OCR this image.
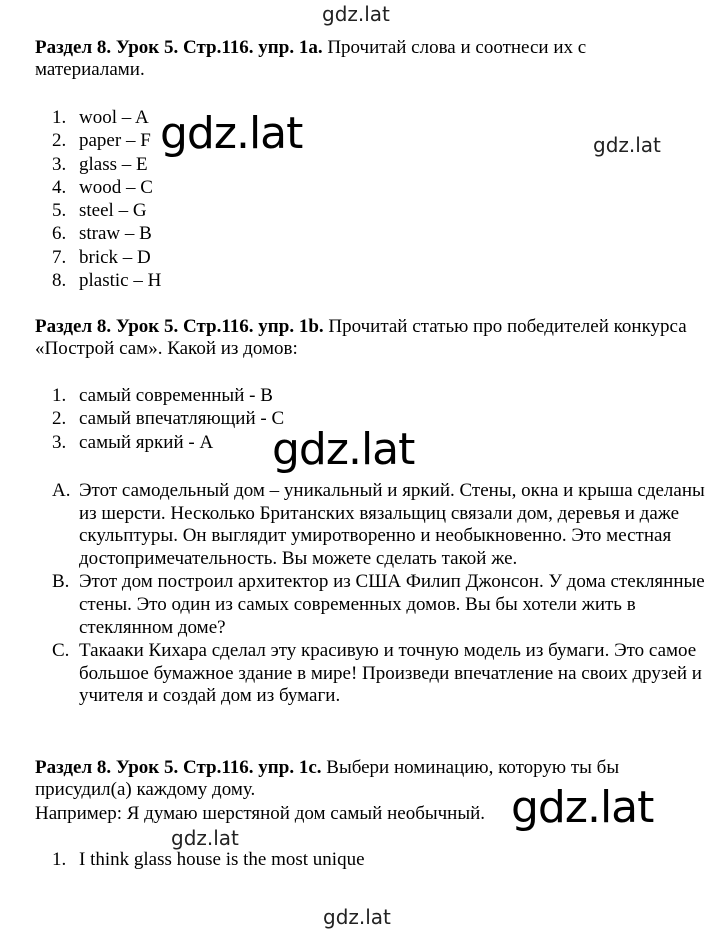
gdz.lat
gdz.lat	gdz.lat
gdz.lat
gdz.lat
gdz.lat
gdz.lat
Раздел 8. Урок 5. Стр.116. упр. 1а. Прочитай слова и соотнеси их с материалами.
1. wool – A
2. paper – F
3. glass – E
4. wood – C
5. steel – G
6. straw – B
7. brick – D
8. plastic – H
Раздел 8. Урок 5. Стр.116. упр. 1b. Прочитай статью про победителей конкурса «Построй сам». Какой из домов:
1. самый современный - В
2. самый впечатляющий - С
3. самый яркий - А
A. Этот самодельный дом – уникальный и яркий. Стены, окна и крыша сделаны из шерсти. Несколько Британских вязальщиц связали дом, деревья и даже скульптуры. Он выглядит умиротворенно и необыкновенно. Это местная достопримечательность. Вы можете сделать такой же.
B. Этот дом построил архитектор из США Филип Джонсон. У дома стеклянные стены. Это один из самых современных домов. Вы бы хотели жить в стеклянном доме?
C. Такааки Кихара сделал эту красивую и точную модель из бумаги. Это самое большое бумажное здание в мире! Произведи впечатление на своих друзей и учителя и создай дом из бумаги.
Раздел 8. Урок 5. Стр.116. упр. 1с. Выбери номинацию, которую ты бы присудил(а) каждому дому.
Например: Я думаю шерстяной дом самый необычный.
1. I think glass house is the most unique
